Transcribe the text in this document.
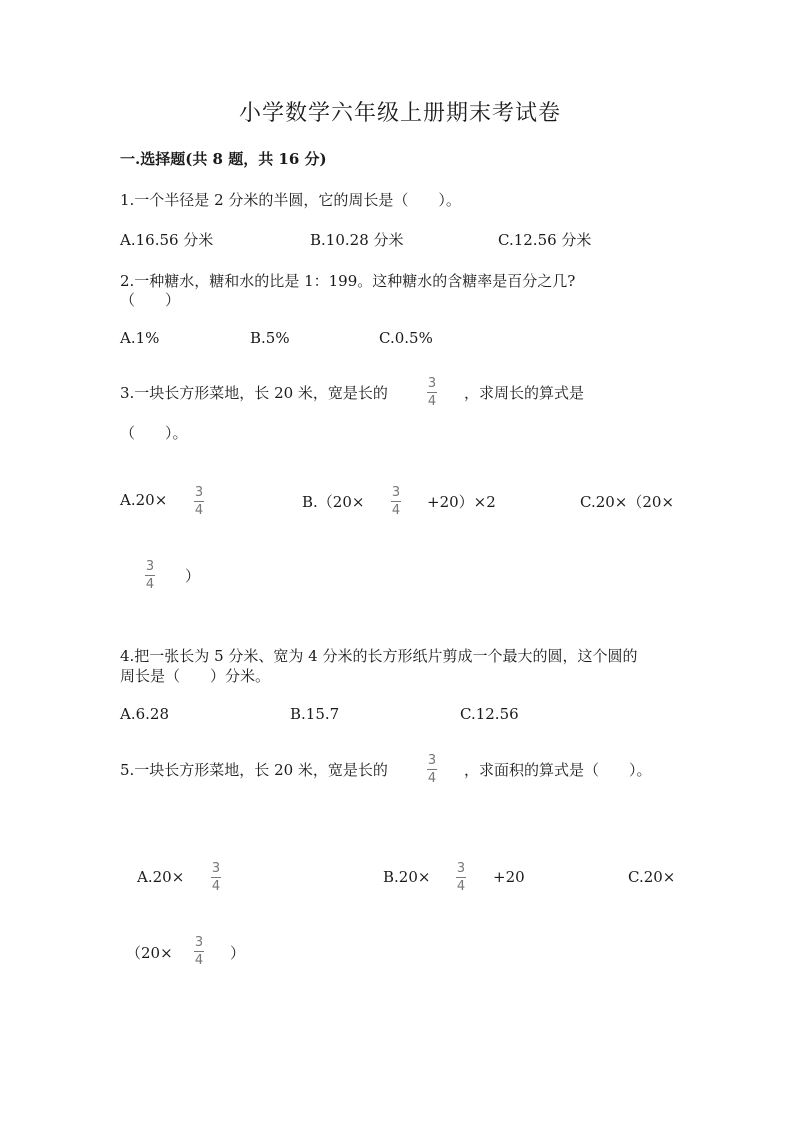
小学数学六年级上册期末考试卷
一.选择题(共 8 题，共 16 分)
1.一个半径是 2 分米的半圆，它的周长是（　　）。
A.16.56 分米	B.10.28 分米	C.12.56 分米
2.一种糖水，糖和水的比是 1：199。这种糖水的含糖率是百分之几?
（　　）
A.1%	B.5%	C.0.5%
3.一块长方形菜地，长 20 米，宽是长的
3
4 ，求周长的算式是
（　　）。
A.20× 3
4	B.（20×
3
4 +20）×2	C.20×（20×
3
4 ）
4.把一张长为 5 分米、宽为 4 分米的长方形纸片剪成一个最大的圆，这个圆的
周长是（　　）分米。
A.6.28	B.15.7	C.12.56
5.一块长方形菜地，长 20 米，宽是长的
3
4 ，求面积的算式是（　　）。
A.20× 3
4
B.20× 3
4
+20	C.20×
（20×
3
4 ）
